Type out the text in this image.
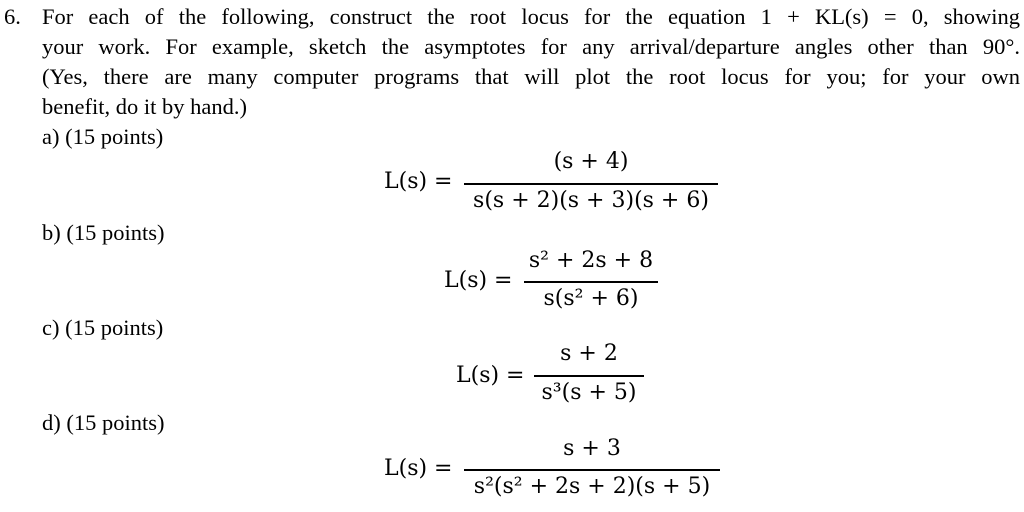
6. For each of the following, construct the root locus for the equation 1 + KL(s) = 0, showing
your work. For example, sketch the asymptotes for any arrival/departure angles other than 90°.
(Yes, there are many computer programs that will plot the root locus for you; for your own
benefit, do it by hand.)
a) (15 points)
L(s) =
(s + 4)
s(s + 2)(s + 3)(s + 6)
b) (15 points)
L(s) =
s² + 2s + 8
s(s² + 6)
c) (15 points)
L(s) =
s + 2
s³(s + 5)
d) (15 points)
L(s) =
s + 3
s²(s² + 2s + 2)(s + 5)
